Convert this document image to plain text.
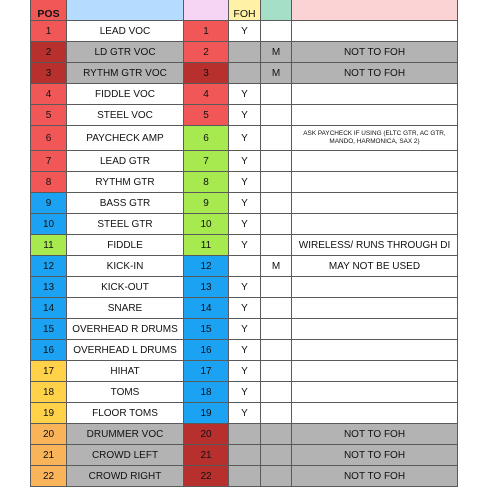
POS			FOH		
1	LEAD VOC	1	Y		
2	LD GTR VOC	2		M	NOT TO FOH
3	RYTHM GTR VOC	3		M	NOT TO FOH
4	FIDDLE VOC	4	Y		
5	STEEL VOC	5	Y		
6	PAYCHECK AMP	6	Y		ASK PAYCHECK IF USING (ELTC GTR, AC GTR, MANDO, HARMONICA, SAX 2)
7	LEAD GTR	7	Y		
8	RYTHM GTR	8	Y		
9	BASS GTR	9	Y		
10	STEEL GTR	10	Y		
11	FIDDLE	11	Y		WIRELESS/ RUNS THROUGH DI
12	KICK-IN	12		M	MAY NOT BE USED
13	KICK-OUT	13	Y		
14	SNARE	14	Y		
15	OVERHEAD R DRUMS	15	Y		
16	OVERHEAD L DRUMS	16	Y		
17	HIHAT	17	Y		
18	TOMS	18	Y		
19	FLOOR TOMS	19	Y		
20	DRUMMER VOC	20			NOT TO FOH
21	CROWD LEFT	21			NOT TO FOH
22	CROWD RIGHT	22			NOT TO FOH
